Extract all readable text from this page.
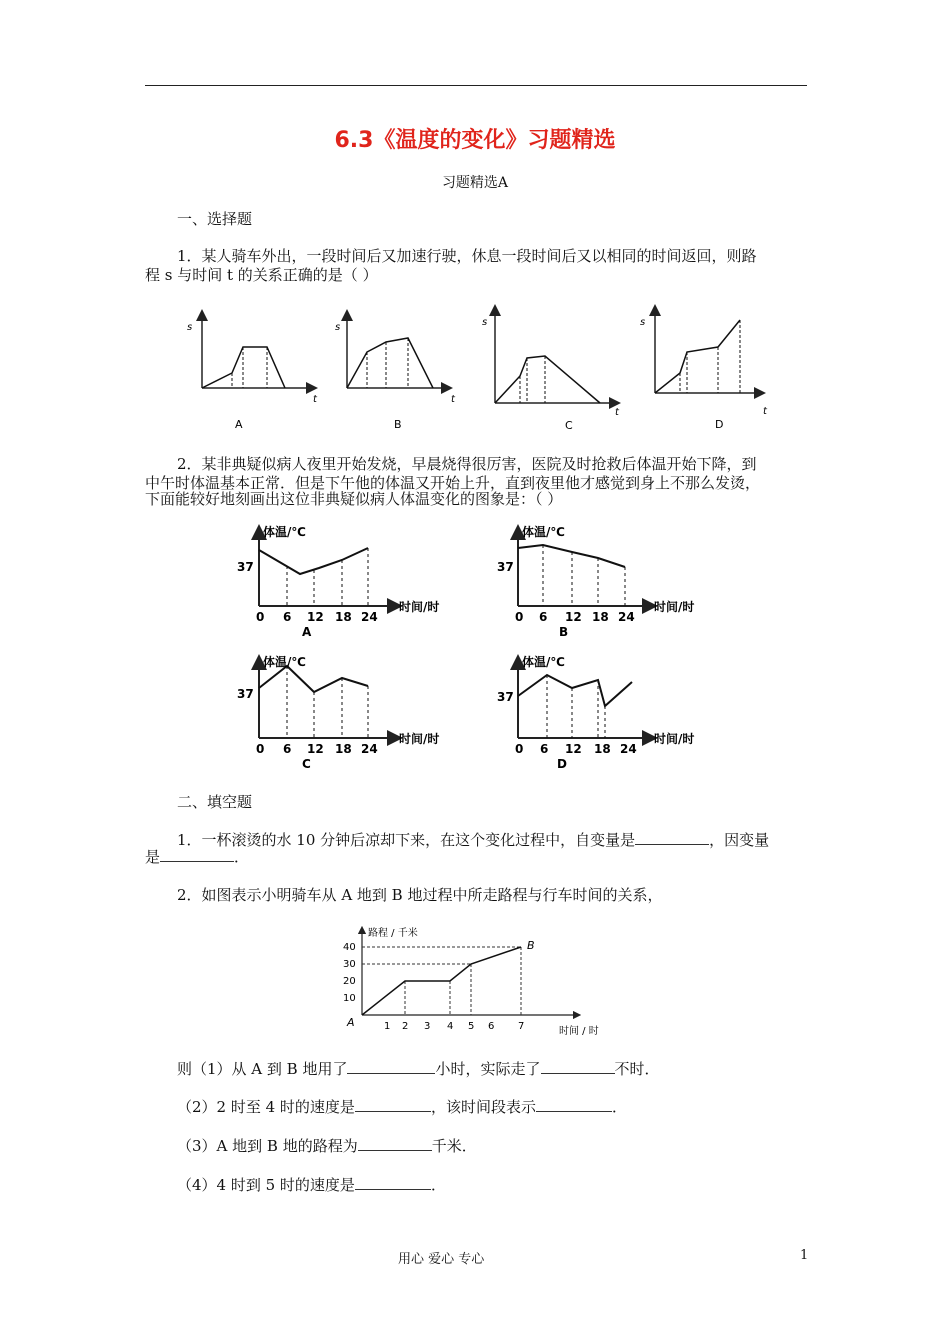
6.3《温度的变化》习题精选
习题精选A
一、选择题
1．某人骑车外出，一段时间后又加速行驶，休息一段时间后又以相同的时间返回，则路
程 s 与时间 t 的关系正确的是（ ）
s
t
A
s
t
B
s
t
C
s
t
D
2．某非典疑似病人夜里开始发烧，早晨烧得很厉害，医院及时抢救后体温开始下降，到
中午时体温基本正常．但是下午他的体温又开始上升，直到夜里他才感觉到身上不那么发烫，
下面能较好地刻画出这位非典疑似病人体温变化的图象是：（ ）
体温/℃
37
0 6 12 18 24
时间/时
A
体温/℃
37
0 6 12 18 24
时间/时
B
体温/℃
37
0 6 12 18 24
时间/时
C
体温/℃
37
0 6 12 18 24
时间/时
D
二、填空题
1．一杯滚烫的水 10 分钟后凉却下来，在这个变化过程中，自变量是	，因变量
是	．
2．如图表示小明骑车从 A 地到 B 地过程中所走路程与行车时间的关系，
路程 / 千米
10
20
30
40
1 2 3 4 5 6 7	时间 / 时
A
B
则（1）从 A 到 B 地用了	小时，实际走了	不时．
（2）2 时至 4 时的速度是	，该时间段表示	．
（3）A 地到 B 地的路程为	千米．
（4）4 时到 5 时的速度是	．
用心 爱心 专心	1
